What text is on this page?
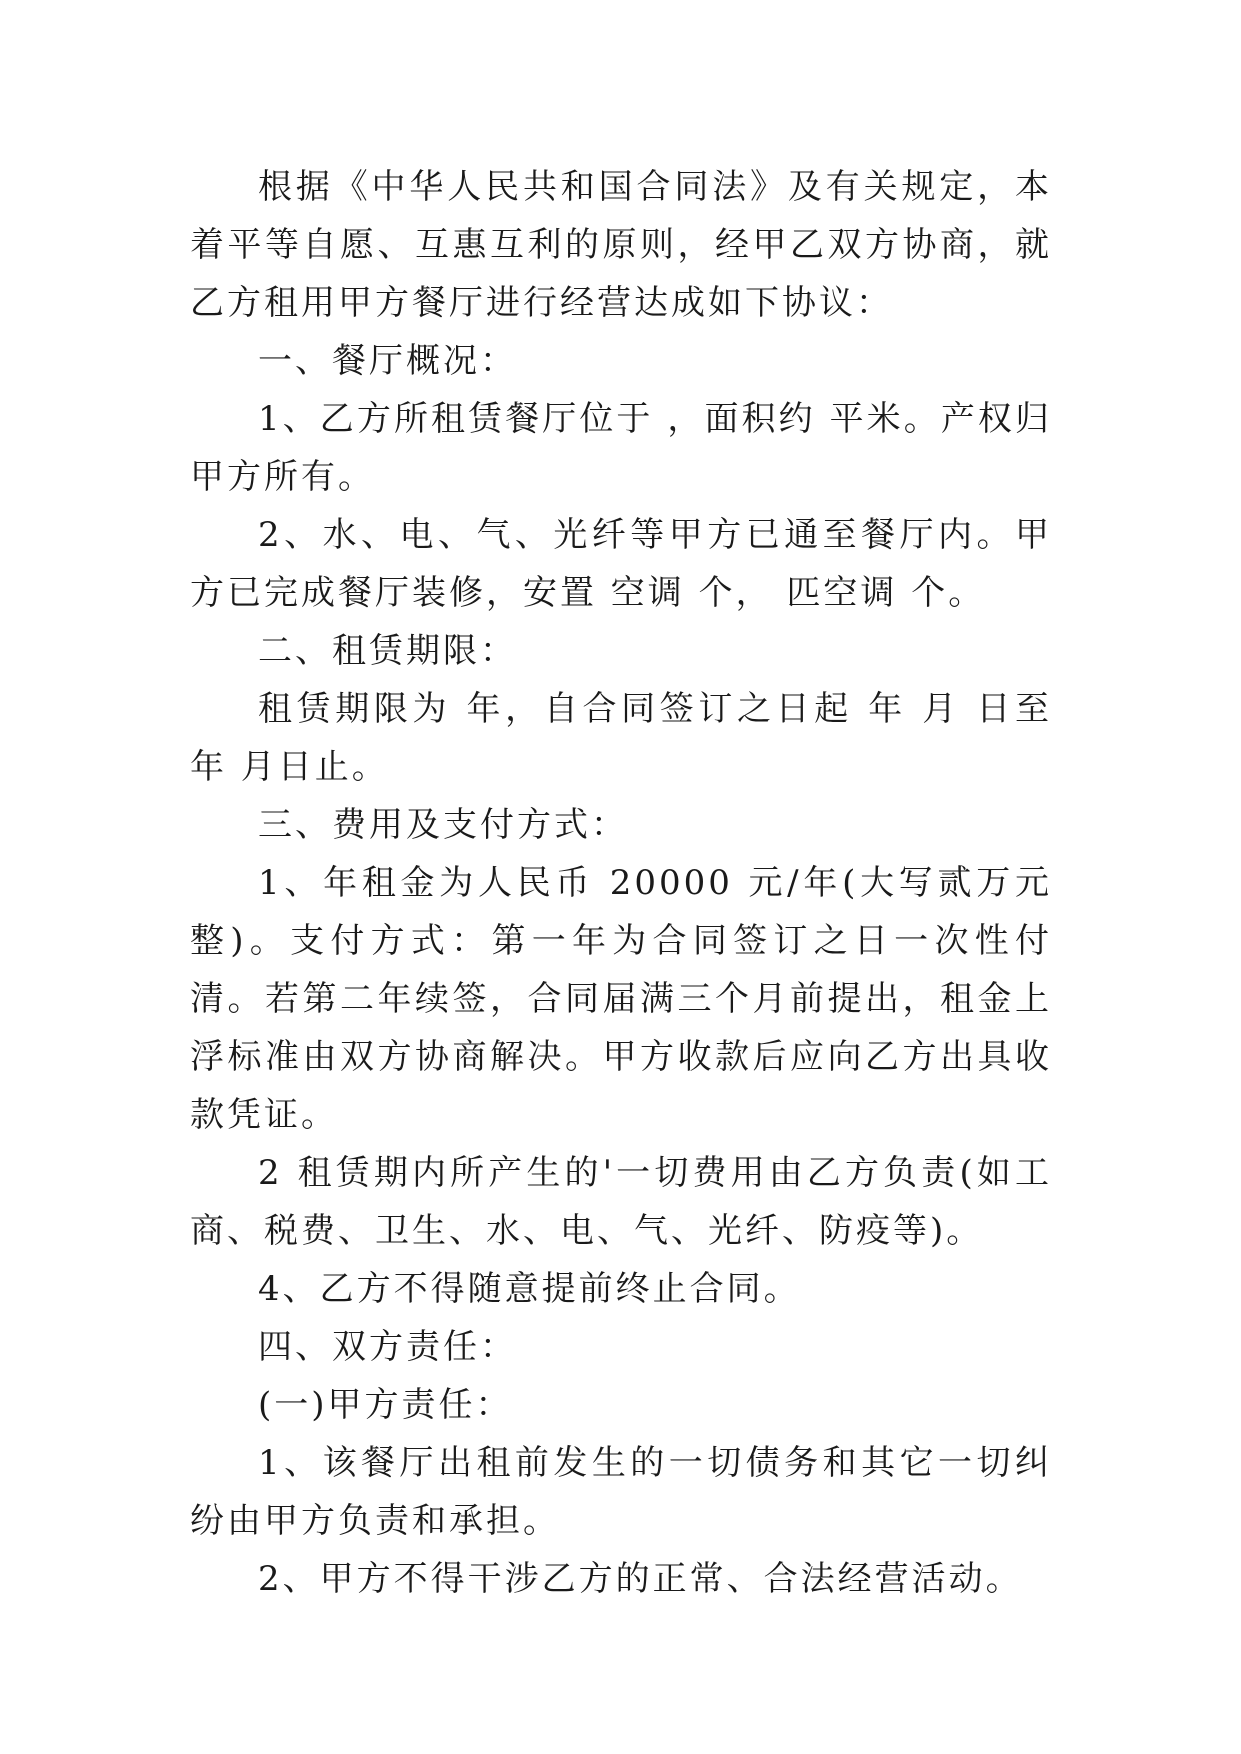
根据《中华人民共和国合同法》及有关规定，本着平等自愿、互惠互利的原则，经甲乙双方协商，就乙方租用甲方餐厅进行经营达成如下协议：

一、餐厅概况：

1、乙方所租赁餐厅位于 ，面积约 平米。产权归甲方所有。

2、水、电、气、光纤等甲方已通至餐厅内。甲方已完成餐厅装修，安置 空调 个， 匹空调 个。

二、租赁期限：

租赁期限为 年，自合同签订之日起 年 月 日至 年 月日止。

三、费用及支付方式：

1、年租金为人民币 20000 元/年(大写贰万元整)。支付方式：第一年为合同签订之日一次性付清。若第二年续签，合同届满三个月前提出，租金上浮标准由双方协商解决。甲方收款后应向乙方出具收款凭证。

2 租赁期内所产生的'一切费用由乙方负责(如工商、税费、卫生、水、电、气、光纤、防疫等)。

4、乙方不得随意提前终止合同。

四、双方责任：

(一)甲方责任：

1、该餐厅出租前发生的一切债务和其它一切纠纷由甲方负责和承担。

2、甲方不得干涉乙方的正常、合法经营活动。
